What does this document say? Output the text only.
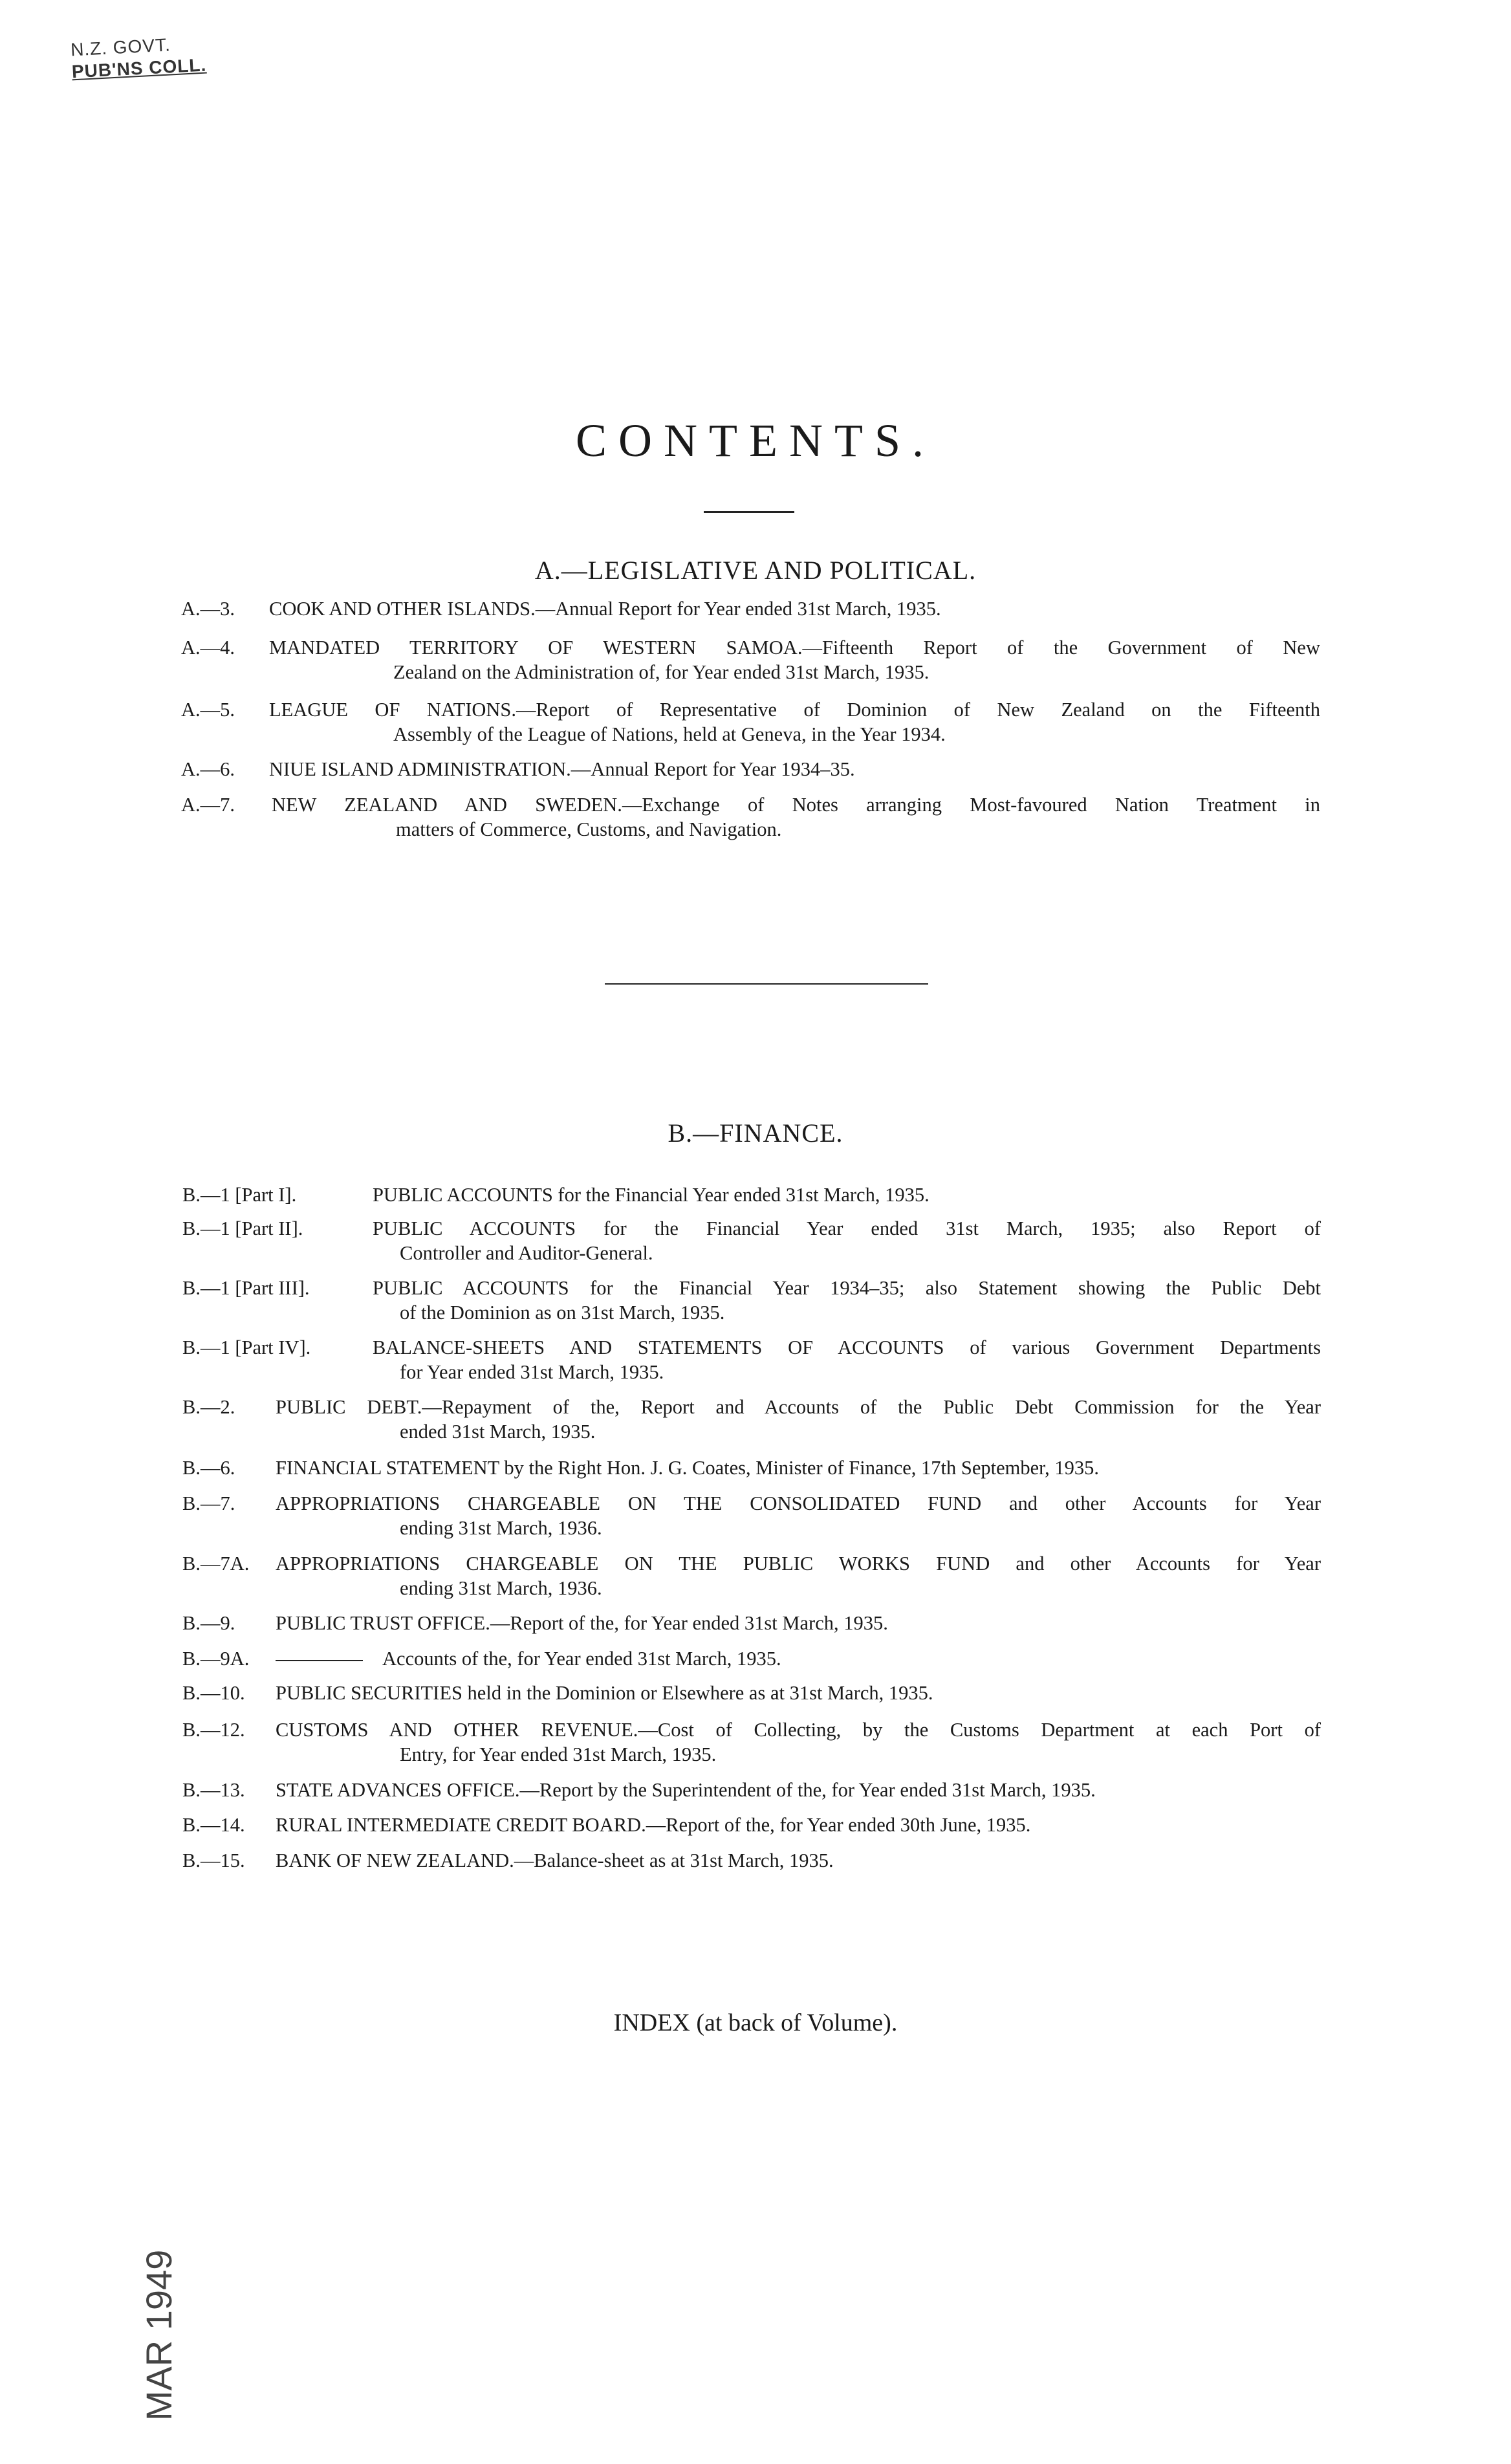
N.Z. GOVT.
PUB'NS COLL.
CONTENTS.
A.—LEGISLATIVE AND POLITICAL.
A.—3. COOK AND OTHER ISLANDS.—Annual Report for Year ended 31st March, 1935.
A.—4. MANDATED TERRITORY OF WESTERN SAMOA.—Fifteenth Report of the Government of New
Zealand on the Administration of, for Year ended 31st March, 1935.
A.—5. LEAGUE OF NATIONS.—Report of Representative of Dominion of New Zealand on the Fifteenth
Assembly of the League of Nations, held at Geneva, in the Year 1934.
A.—6. NIUE ISLAND ADMINISTRATION.—Annual Report for Year 1934–35.
A.—7. NEW ZEALAND AND SWEDEN.—Exchange of Notes arranging Most-favoured Nation Treatment in
matters of Commerce, Customs, and Navigation.
B.—FINANCE.
B.—1 [Part I].	PUBLIC ACCOUNTS for the Financial Year ended 31st March, 1935.
B.—1 [Part II].	PUBLIC ACCOUNTS for the Financial Year ended 31st March, 1935; also Report of
Controller and Auditor-General.
B.—1 [Part III].	PUBLIC ACCOUNTS for the Financial Year 1934–35; also Statement showing the Public Debt
of the Dominion as on 31st March, 1935.
B.—1 [Part IV].	BALANCE-SHEETS AND STATEMENTS OF ACCOUNTS of various Government Departments
for Year ended 31st March, 1935.
B.—2. PUBLIC DEBT.—Repayment of the, Report and Accounts of the Public Debt Commission for the Year
ended 31st March, 1935.
B.—6. FINANCIAL STATEMENT by the Right Hon. J. G. Coates, Minister of Finance, 17th September, 1935.
B.—7. APPROPRIATIONS CHARGEABLE ON THE CONSOLIDATED FUND and other Accounts for Year
ending 31st March, 1936.
B.—7A. APPROPRIATIONS CHARGEABLE ON THE PUBLIC WORKS FUND and other Accounts for Year
ending 31st March, 1936.
B.—9. PUBLIC TRUST OFFICE.—Report of the, for Year ended 31st March, 1935.
B.—9A.	Accounts of the, for Year ended 31st March, 1935.
B.—10. PUBLIC SECURITIES held in the Dominion or Elsewhere as at 31st March, 1935.
B.—12. CUSTOMS AND OTHER REVENUE.—Cost of Collecting, by the Customs Department at each Port of
Entry, for Year ended 31st March, 1935.
B.—13. STATE ADVANCES OFFICE.—Report by the Superintendent of the, for Year ended 31st March, 1935.
B.—14. RURAL INTERMEDIATE CREDIT BOARD.—Report of the, for Year ended 30th June, 1935.
B.—15. BANK OF NEW ZEALAND.—Balance-sheet as at 31st March, 1935.
INDEX (at back of Volume).
MAR 1949
